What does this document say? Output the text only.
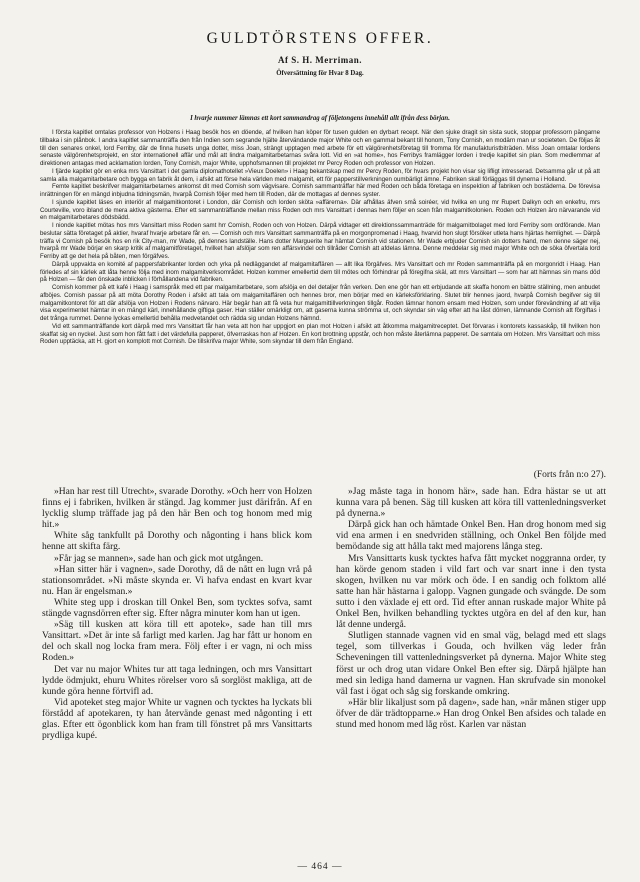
GULDTÖRSTENS OFFER.
Af S. H. Merriman.
Öfversättning för Hvar 8 Dag.
I hvarje nummer lämnas ett kort sammandrag af följetongens innehåll allt ifrån dess början.

I första kapitlet omtalas professor von Holzens i Haag besök hos en döende, af hvilken han köper för tusen gulden en dyrbart recept. När den sjuke dragit sin sista suck, stoppar professorn pängarne tillbaka i sin plånbok. I andra kapitlet sammanträffa den från Indien som segrande hjälte återvändande major White och en gammal bekant till honom, Tony Cornish, en modärn man ur societeten. De följas åt till den senares onkel, lord Ferriby, där de finna husets unga dotter, miss Joan, strängt upptagen med arbete för ett välgörenhetsföretag till fromma för manufakturistbiträden. Miss Joan omtalar lordens senaste välgörenhetsprojekt, en stor internationell affär und mål att lindra malgamitarbetarnas svåra lott. Vid en »at home», hos Ferribys framlägger lorden i tredje kapitlet sin plan. Som medlemmar af direktionen antagas med acklamation lorden, Tony Cornish, major White, upphofsmannen till projektet mr Percy Roden och professor von Holzen.

I fjärde kapitlet gör en enka mrs Vansittart i det gamla diplomathotellet »Vieux Doelen» i Haag bekantskap med mr Percy Roden, för hvars projekt hon visar sig lifligt intresserad. Detsamma går ut på att samla alla malgamitarbetare och bygga en fabrik åt dem, i afsikt att förse hela världen med malgamit, ett för papperstillverkningen oumbärligt ämne. Fabriken skall förläggas till dynerna i Holland.

Femte kapitlet beskrifver malgamitarbetarnes ankomst dit med Cornish som vägvisare. Cornish sammanträffar här med Roden och båda företaga en inspektion af fabriken och bostäderna. De förevisa inrättningen för en mängd inbjudna tidningsmän, hvarpå Cornish följer med hem till Roden, där de mottagas af dennes syster.

I sjunde kapitlet läses en interiör af malgamitkontoret i London, där Cornish och lorden sköta »affärerna». Där afhållas äfven små soiréer, vid hvilka en ung mr Rupert Dalkyn och en enkefru, mrs Courteville, voro ibland de mera aktiva gästerna. Efter ett sammanträffande mellan miss Roden och mrs Vansittart i dennas hem följer en scen från malgamitkolonien. Roden och Holzen äro närvarande vid en malgamitarbetares dödsbädd.

I nionde kapitlet mötas hos mrs Vansittart miss Roden samt hrr Cornish, Roden och von Holzen. Därpå vidtager ett direktionssammanträde för malgamitbolaget med lord Ferriby som ordförande. Man beslutar sätta företaget på aktier, hvaraf hvarje arbetare får en. — Cornish och mrs Vansittart sammanträffa på en morgonpromenad i Haag, hvarvid hon slugt försöker utleta hans hjärtas hemlighet. — Därpå träffa vi Cornish på besök hos en rik City-man, mr Wade, på dennes landställe. Hans dotter Marguerite har hämtat Cornish vid stationen. Mr Wade erbjuder Cornish sin dotters hand, men denne säger nej, hvarpå mr Wade börjar en skarp kritik af malgamitföretaget, hvilket han afslöjar som ren affärsvindel och tillråder Cornish att afdelas lämna. Denne meddelar sig med major White och de söka öfvertala lord Ferriby att ge det hela på båten, men förgäfves.

Därpå uppvakta en komité af pappersfabrikanter lorden och yrka på nedläggandet af malgamitaffären — allt lika förgäfves. Mrs Vansittart och mr Roden sammanträffa på en morgonridt i Haag. Han förledes af sin kärlek att låta henne följa med inom malgamitverksområdet. Holzen kommer emellertid dem till mötes och förhindrar på föregifna skäl, att mrs Vansittart — som har att hämnas sin mans död på Holzen — får den önskade inblicken i förhållandena vid fabriken.

Cornish kommer på ett kafé i Haag i samspråk med ett par malgamitarbetare, som afslöja en del detaljer från verken. Den ene gör han ett erbjudande att skaffa honom en bättre ställning, men anbudet afböjes. Cornish passar på att möta Dorothy Roden i afsikt att tala om malgamitaffären och hennes bror, men börjar med en kärleksförklaring. Slutet blir hennes jaord, hvarpå Cornish begifver sig till malgamitkontoret för att där afslöja von Holzen i Rodens närvaro. Här begär han att få veta hur malgamittillverkningen tillgår. Roden lämnar honom ensam med Holzen, som under förevändning af att vilja visa experimentet hämtar in en mängd kärl, innehållande giftiga gaser. Han ställer omärkligt om, att gaserna kunna strömma ut, och skyndar sin väg efter att ha låst dörren, lämnande Cornish att förgiftas i det trånga rummet. Denne lyckas emellertid behålla medvetandet och rädda sig undan Holzens hämnd.

Vid ett sammanträffande kort därpå med mrs Vansittart får han veta att hon har uppgjort en plan mot Holzen i afsikt att åtkomma malgamitreceptet. Det förvaras i kontorets kassaskåp, till hvilken hon skaffat sig en nyckel. Just som hon fått fatt i det värdefulla papperet, öfverraskas hon af Holzen. En kort brottning uppstår, och hon måste återlämna papperet. De samtala om Holzen. Mrs Vansittart och miss Roden upptäcka, att H. gjort en komplott mot Cornish. De tillskrifva major White, som skyndar till dem från England.

(Forts från n:o 27).

»Han har rest till Utrecht», svarade Dorothy. »Och herr von Holzen finns ej i fabriken, hvilken är stängd. Jag kommer just därifrån. Af en lycklig slump träffade jag på den här Ben och tog honom med mig hit.»

White såg tankfullt på Dorothy och någonting i hans blick kom henne att skifta färg.

»Får jag se mannen», sade han och gick mot utgången.

»Han sitter här i vagnen», sade Dorothy, då de nått en lugn vrå på stationsområdet. »Ni måste skynda er. Vi hafva endast en kvart kvar nu. Han är engelsman.»

White steg upp i droskan till Onkel Ben, som tycktes sofva, samt stängde vagnsdörren efter sig. Efter några minuter kom han ut igen.

»Säg till kusken att köra till ett apotek», sade han till mrs Vansittart. »Det är inte så farligt med karlen. Jag har fått ur honom en del och skall nog locka fram mera. Följ efter i er vagn, ni och miss Roden.»

Det var nu major Whites tur att taga ledningen, och mrs Vansittart lydde ödmjukt, ehuru Whites rörelser voro så sorglöst makliga, att de kunde göra henne förtvifl ad.

Vid apoteket steg major White ur vagnen och tycktes ha lyckats bli förstådd af apotekaren, ty han återvände genast med någonting i ett glas. Efter ett ögonblick kom han fram till fönstret på mrs Vansittarts prydliga kupé.

»Jag måste taga in honom här», sade han. Edra hästar se ut att kunna vara på benen. Säg till kusken att köra till vattenledningsverket på dynerna.»

Därpå gick han och hämtade Onkel Ben. Han drog honom med sig vid ena armen i en snedvriden ställning, och Onkel Ben följde med bemödande sig att hålla takt med majorens långa steg.

Mrs Vansittarts kusk tycktes hafva fått mycket noggranna order, ty han körde genom staden i vild fart och var snart inne i den tysta skogen, hvilken nu var mörk och öde. I en sandig och folktom allé satte han här hästarna i galopp. Vagnen gungade och svängde. De som sutto i den växlade ej ett ord. Tid efter annan ruskade major White på Onkel Ben, hvilken behandling tycktes utgöra en del af den kur, han låt denne undergå.

Slutligen stannade vagnen vid en smal väg, belagd med ett slags tegel, som tillverkas i Gouda, och hvilken väg leder från Scheveningen till vattenledningsverket på dynerna. Major White steg först ur och drog utan vidare Onkel Ben efter sig. Därpå hjälpte han med sin lediga hand damerna ur vagnen. Han skrufvade sin monokel väl fast i ögat och såg sig forskande omkring.

»Här blir likaljust som på dagen», sade han, »när månen stiger upp öfver de där trädtopparne.» Han drog Onkel Ben afsides och talade en stund med honom med låg röst. Karlen var nästan

— 464 —
